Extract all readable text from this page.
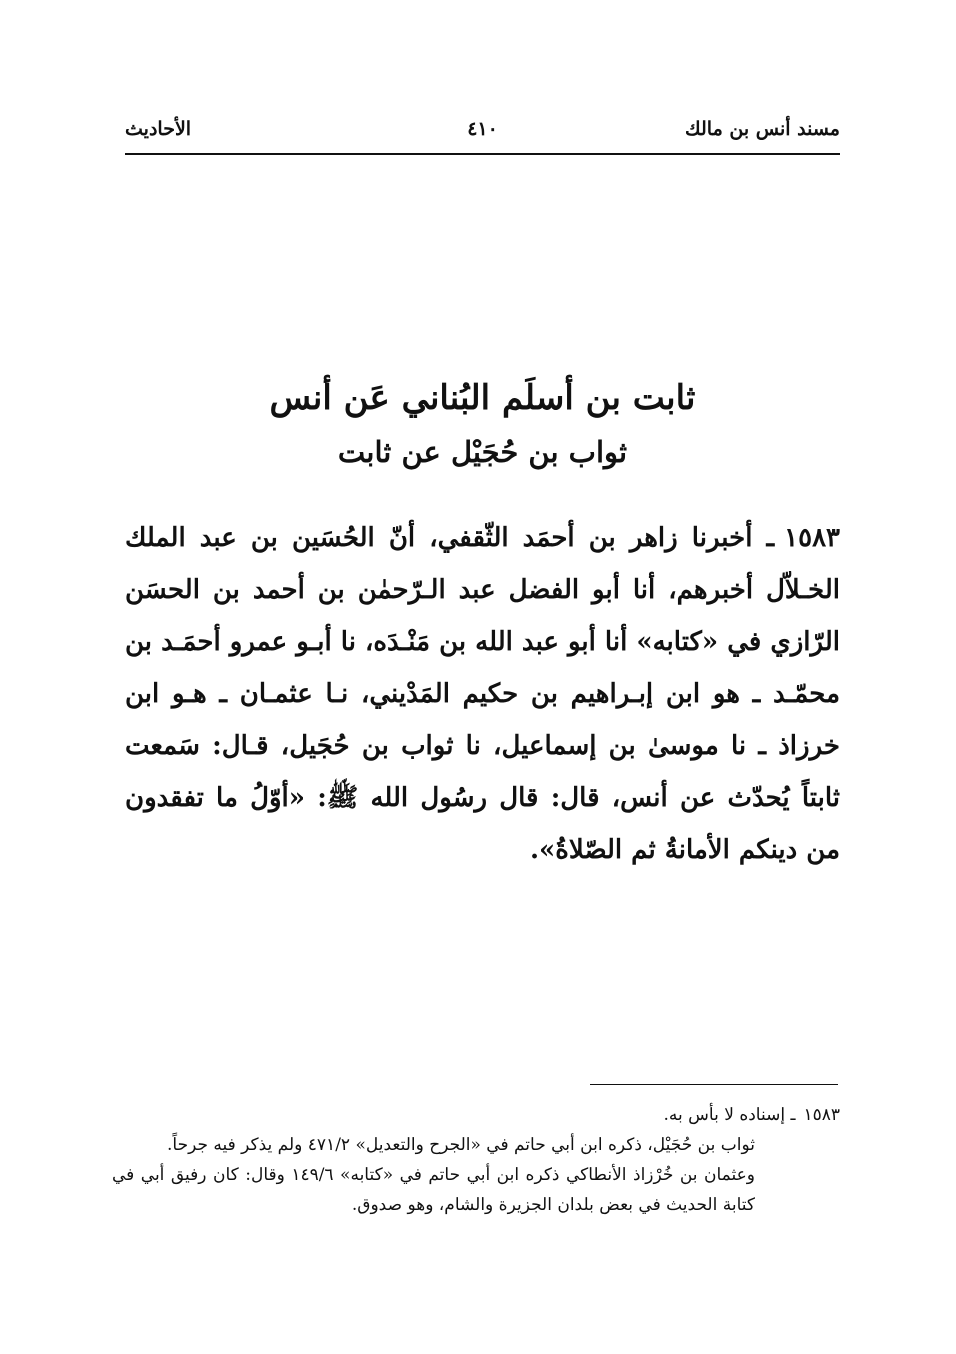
مسند أنس بن مالك
٤١٠
الأحاديث
ثابت بن أسلَم البُناني عَن أنس
ثواب بن حُجَيْل عن ثابت
١٥٨٣ـ أخبرنا زاهر بن أحمَد الثّقفي، أنّ الحُسَين بن عبد الملك الخـلاّل أخبرهم، أنا أبو الفضل عبد الـرّحمٰن بن أحمد بن الحسَن الرّازي في «كتابه» أنا أبو عبد الله بن مَنْـدَه، نا أبـو عمرو أحمَـد بن محمّـد ـ هو ابن إبـراهيم بن حكيم المَدْيني، نـا عثمـان ـ هـو ابن خرزاذ ـ نا موسىٰ بن إسماعيل، نا ثواب بن حُجَيل، قـال: سَمعت ثابتاً يُحدّث عن أنس، قال: قال رسُول الله ﷺ: «أوّلُ ما تفقدون من دينكم الأمانةُ ثم الصّلاةُ».
١٥٨٣ـ إسناده لا بأس به.
ثواب بن حُجَيْل، ذكره ابن أبي حاتم في «الجرح والتعديل» ٤٧١/٢ ولم يذكر فيه جرحاً.
وعثمان بن خُرْزاذ الأنطاكي ذكره ابن أبي حاتم في «كتابه» ١٤٩/٦ وقال: كان رفيق أبي في كتابة الحديث في بعض بلدان الجزيرة والشام، وهو صدوق.
